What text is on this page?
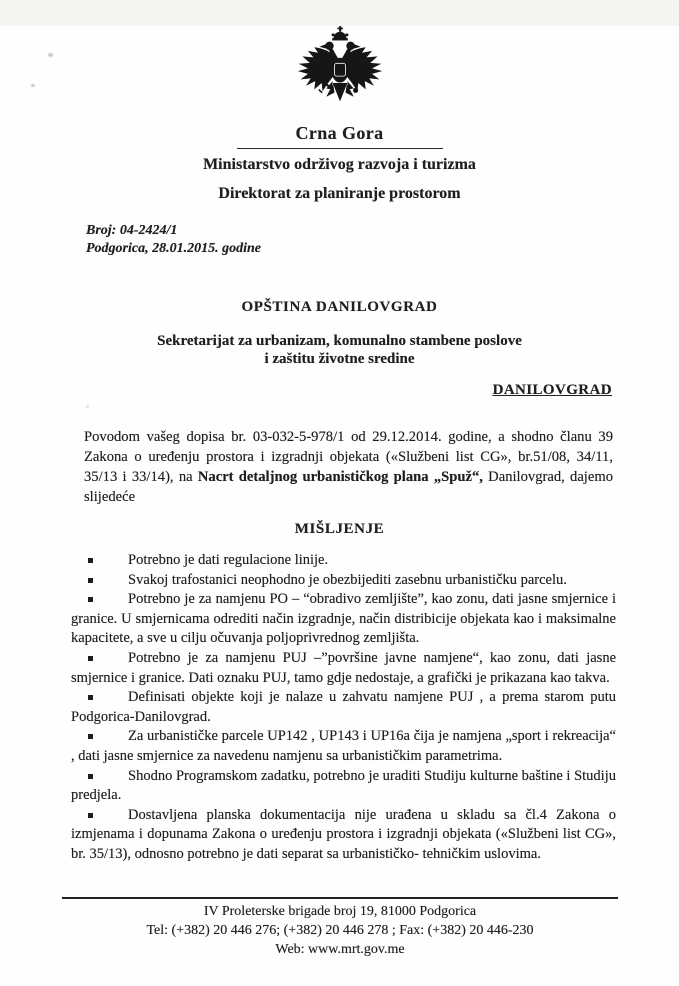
Crna Gora
Ministarstvo održivog razvoja i turizma
Direktorat za planiranje prostorom
Broj: 04-2424/1
Podgorica, 28.01.2015. godine
OPŠTINA DANILOVGRAD
Sekretarijat za urbanizam, komunalno stambene poslove
i zaštitu životne sredine
DANILOVGRAD

Povodom vašeg dopisa br. 03-032-5-978/1 od 29.12.2014. godine, a shodno članu 39 Zakona o uređenju prostora i izgradnji objekata («Službeni list CG», br.51/08, 34/11, 35/13 i 33/14), na Nacrt detaljnog urbanističkog plana „Spuž“, Danilovgrad, dajemo slijedeće

MIŠLJENJE

Potrebno je dati regulacione linije.

Svakoj trafostanici neophodno je obezbijediti zasebnu urbanističku parcelu.

Potrebno je za namjenu PO – “obradivo zemljište”, kao zonu, dati jasne smjernice i granice. U smjernicama odrediti način izgradnje, način distribicije objekata kao i maksimalne kapacitete, a sve u cilju očuvanja poljoprivrednog zemljišta.

Potrebno je za namjenu PUJ –”površine javne namjene“, kao zonu, dati jasne smjernice i granice. Dati oznaku PUJ, tamo gdje nedostaje, a grafički je prikazana kao takva.

Definisati objekte koji je nalaze u zahvatu namjene PUJ , a prema starom putu Podgorica-Danilovgrad.

Za urbanističke parcele UP142 , UP143 i UP16a čija je namjena „sport i rekreacija“ , dati jasne smjernice za navedenu namjenu sa urbanističkim parametrima.

Shodno Programskom zadatku, potrebno je uraditi Studiju kulturne baštine i Studiju predjela.

Dostavljena planska dokumentacija nije urađena u skladu sa čl.4 Zakona o izmjenama i dopunama Zakona o uređenju prostora i izgradnji objekata («Službeni list CG», br. 35/13), odnosno potrebno je dati separat sa urbanističko- tehničkim uslovima.

IV Proleterske brigade broj 19, 81000 Podgorica
Tel: (+382) 20 446 276; (+382) 20 446 278 ; Fax: (+382) 20 446-230
Web: www.mrt.gov.me
